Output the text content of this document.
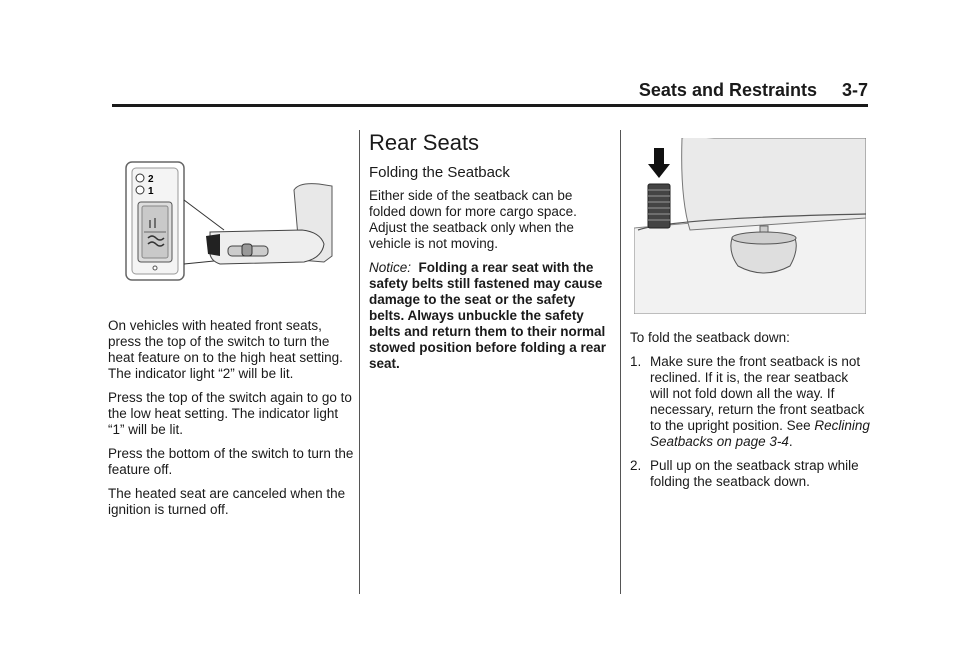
Seats and Restraints     3-7
2
1

On vehicles with heated front seats, press the top of the switch to turn the heat feature on to the high heat setting. The indicator light “2” will be lit.

Press the top of the switch again to go to the low heat setting. The indicator light “1” will be lit.

Press the bottom of the switch to turn the feature off.

The heated seat are canceled when the ignition is turned off.

Rear Seats
Folding the Seatback

Either side of the seatback can be folded down for more cargo space. Adjust the seatback only when the vehicle is not moving.

Notice: Folding a rear seat with the safety belts still fastened may cause damage to the seat or the safety belts. Always unbuckle the safety belts and return them to their normal stowed position before folding a rear seat.

To fold the seatback down:

1. Make sure the front seatback is not reclined. If it is, the rear seatback will not fold down all the way. If necessary, return the front seatback to the upright position. See Reclining Seatbacks on page 3-4.
2. Pull up on the seatback strap while folding the seatback down.
